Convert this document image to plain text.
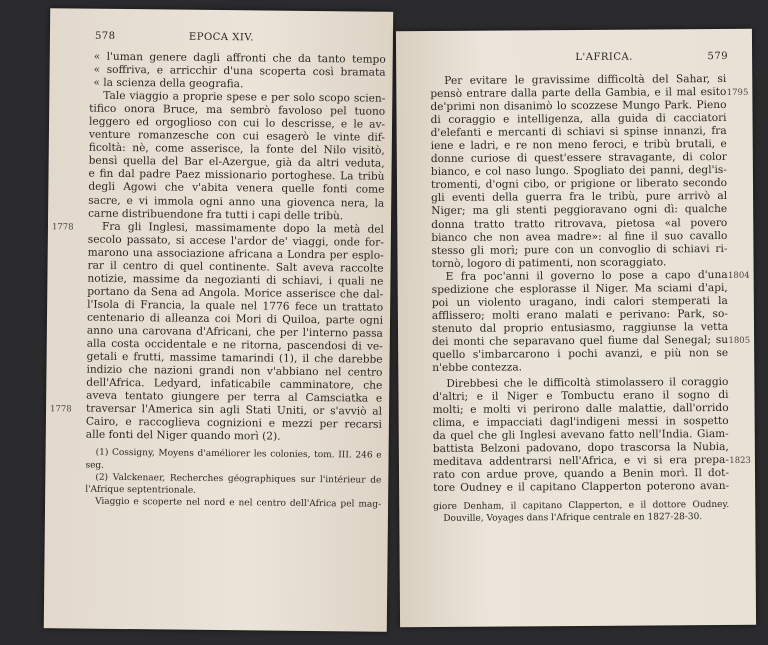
578	EPOCA XIV.
« l'uman genere dagli affronti che da tanto tempo
« soffriva, e arricchir d'una scoperta così bramata
« la scienza della geografia.
Tale viaggio a proprie spese e per solo scopo scien-
tifico onora Bruce, ma sembrò favoloso pel tuono
leggero ed orgoglioso con cui lo descrisse, e le av-
venture romanzesche con cui esagerò le vinte dif-
ficoltà: nè, come asserisce, la fonte del Nilo visitò,
bensì quella del Bar el-Azergue, già da altri veduta,
e fin dal padre Paez missionario portoghese. La tribù
degli Agowi che v'abita venera quelle fonti come
sacre, e vi immola ogni anno una giovenca nera, la
carne distribuendone fra tutti i capi delle tribù.
Fra gli Inglesi, massimamente dopo la metà del
secolo passato, si accese l'ardor de' viaggi, onde for-
marono una associazione africana a Londra per esplo-
rar il centro di quel continente. Salt aveva raccolte
notizie, massime da negozianti di schiavi, i quali ne
portano da Sena ad Angola. Morice asserisce che dal-
l'Isola di Francia, la quale nel 1776 fece un trattato
centenario di alleanza coi Mori di Quiloa, parte ogni
anno una carovana d'Africani, che per l'interno passa
alla costa occidentale e ne ritorna, pascendosi di ve-
getali e frutti, massime tamarindi (1), il che darebbe
indizio che nazioni grandi non v'abbiano nel centro
dell'Africa. Ledyard, infaticabile camminatore, che
aveva tentato giungere per terra al Camsciatka e
traversar l'America sin agli Stati Uniti, or s'avviò al
Cairo, e raccoglieva cognizioni e mezzi per recarsi
alle fonti del Niger quando morì (2).
(1) Cossigny, Moyens d'améliorer les colonies, tom. III. 246 e
seg.
(2) Valckenaer, Recherches géographiques sur l'intérieur de
l'Afrique septentrionale.
Viaggio e scoperte nel nord e nel centro dell'Africa pel mag-
1778
1778
L'AFRICA.	579
Per evitare le gravissime difficoltà del Sahar, si
pensò entrare dalla parte della Gambia, e il mal esito
de'primi non disanimò lo scozzese Mungo Park. Pieno
di coraggio e intelligenza, alla guida di cacciatori
d'elefanti e mercanti di schiavi si spinse innanzi, fra
iene e ladri, e re non meno feroci, e tribù brutali, e
donne curiose di quest'essere stravagante, di color
bianco, e col naso lungo. Spogliato dei panni, degl'is-
tromenti, d'ogni cibo, or prigione or liberato secondo
gli eventi della guerra fra le tribù, pure arrivò al
Niger; ma gli stenti peggioravano ogni dì: qualche
donna tratto tratto ritrovava, pietosa «al povero
bianco che non avea madre»: al fine il suo cavallo
stesso gli morì; pure con un convoglio di schiavi ri-
tornò, logoro di patimenti, non scoraggiato.
E fra poc'anni il governo lo pose a capo d'una
spedizione che esplorasse il Niger. Ma sciami d'api,
poi un violento uragano, indi calori stemperati la
afflissero; molti erano malati e perivano: Park, so-
stenuto dal proprio entusiasmo, raggiunse la vetta
dei monti che separavano quel fiume dal Senegal; su
quello s'imbarcarono i pochi avanzi, e più non se
n'ebbe contezza.
Direbbesi che le difficoltà stimolassero il coraggio
d'altri; e il Niger e Tombuctu erano il sogno di
molti; e molti vi perirono dalle malattie, dall'orrido
clima, e impacciati dagl'indigeni messi in sospetto
da quel che gli Inglesi avevano fatto nell'India. Giam-
battista Belzoni padovano, dopo trascorsa la Nubia,
meditava addentrarsi nell'Africa, e vi si era prepa-
rato con ardue prove, quando a Benin morì. Il dot-
tore Oudney e il capitano Clapperton poterono avan-
giore Denham, il capitano Clapperton, e il dottore Oudney.
Douville, Voyages dans l'Afrique centrale en 1827-28-30.
1795
1804
1805
1823
